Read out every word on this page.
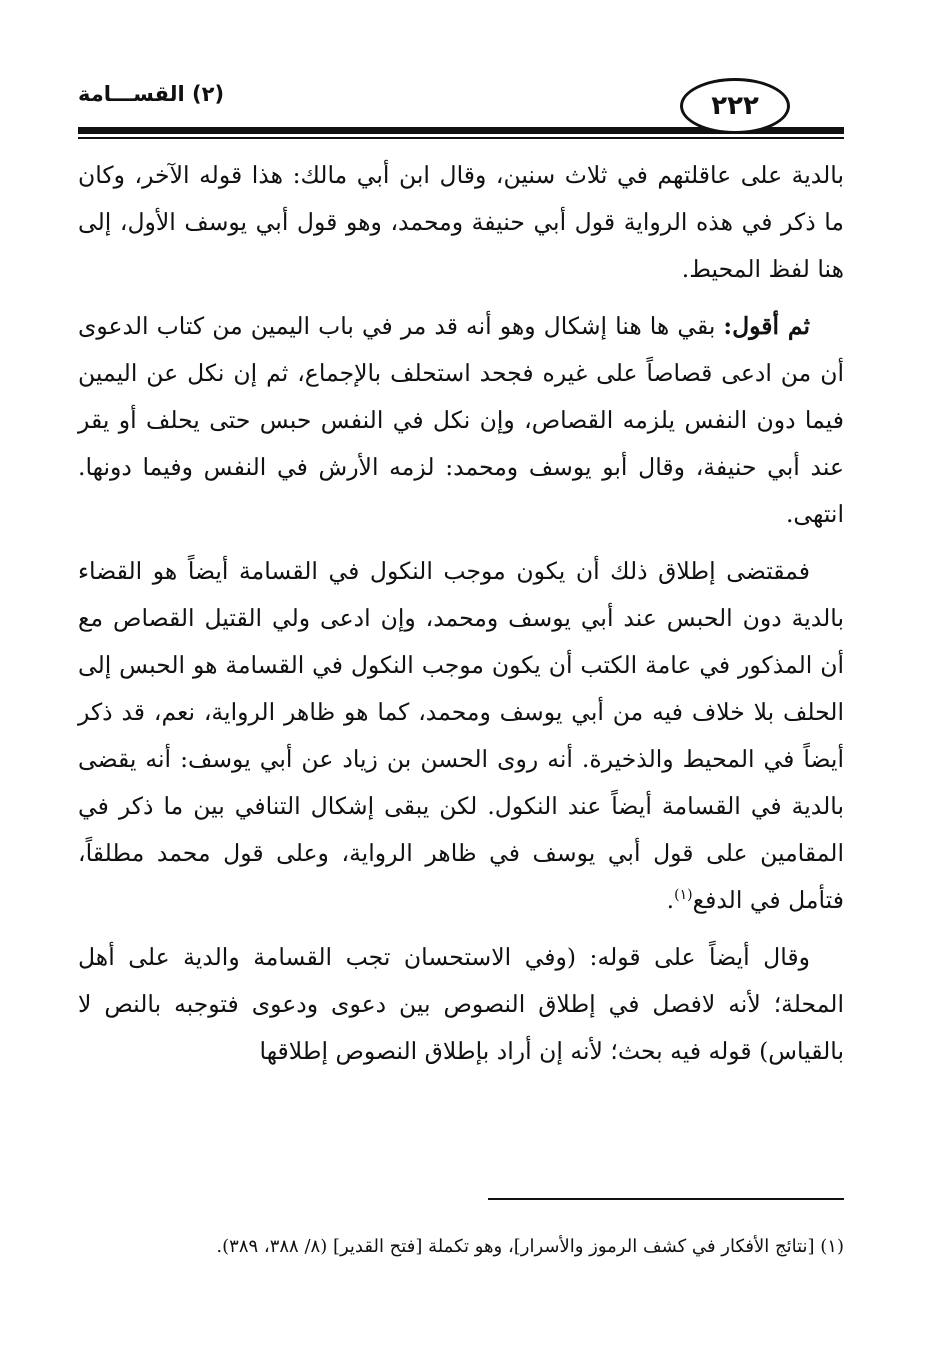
٢٢٢
(٢) القســـامة

بالدية على عاقلتهم في ثلاث سنين، وقال ابن أبي مالك: هذا قوله الآخر، وكان ما ذكر في هذه الرواية قول أبي حنيفة ومحمد، وهو قول أبي يوسف الأول، إلى هنا لفظ المحيط.

ثم أقول: بقي ها هنا إشكال وهو أنه قد مر في باب اليمين من كتاب الدعوى أن من ادعى قصاصاً على غيره فجحد استحلف بالإجماع، ثم إن نكل عن اليمين فيما دون النفس يلزمه القصاص، وإن نكل في النفس حبس حتى يحلف أو يقر عند أبي حنيفة، وقال أبو يوسف ومحمد: لزمه الأرش في النفس وفيما دونها. انتهى.

فمقتضى إطلاق ذلك أن يكون موجب النكول في القسامة أيضاً هو القضاء بالدية دون الحبس عند أبي يوسف ومحمد، وإن ادعى ولي القتيل القصاص مع أن المذكور في عامة الكتب أن يكون موجب النكول في القسامة هو الحبس إلى الحلف بلا خلاف فيه من أبي يوسف ومحمد، كما هو ظاهر الرواية، نعم، قد ذكر أيضاً في المحيط والذخيرة. أنه روى الحسن بن زياد عن أبي يوسف: أنه يقضى بالدية في القسامة أيضاً عند النكول. لكن يبقى إشكال التنافي بين ما ذكر في المقامين على قول أبي يوسف في ظاهر الرواية، وعلى قول محمد مطلقاً، فتأمل في الدفع$^{(١)}$.

وقال أيضاً على قوله: (وفي الاستحسان تجب القسامة والدية على أهل المحلة؛ لأنه لافصل في إطلاق النصوص بين دعوى ودعوى فتوجبه بالنص لا بالقياس) قوله فيه بحث؛ لأنه إن أراد بإطلاق النصوص إطلاقها

(١) [نتائج الأفكار في كشف الرموز والأسرار]، وهو تكملة [فتح القدير] (٨/ ٣٨٨، ٣٨٩).
